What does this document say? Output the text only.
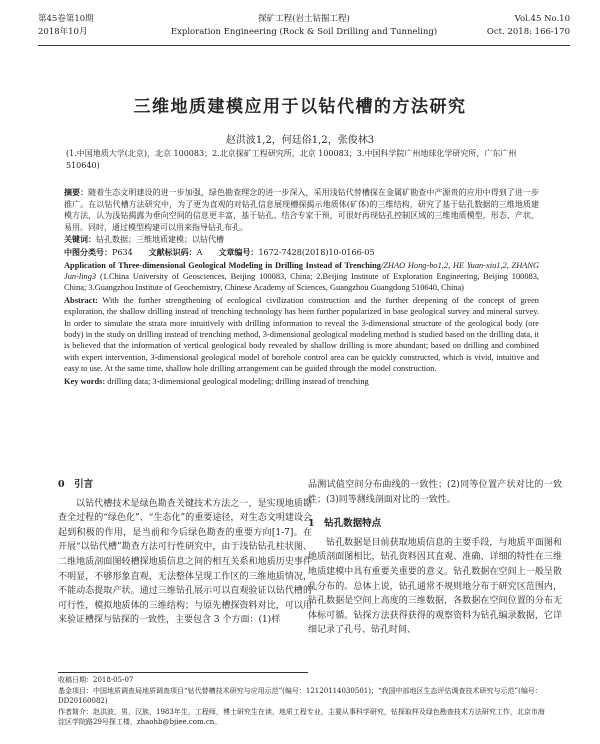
第45卷第10期
2018年10月
探矿工程(岩土钻掘工程)
Exploration Engineering (Rock & Soil Drilling and Tunneling)
Vol.45 No.10
Oct. 2018: 166-170
三维地质建模应用于以钻代槽的方法研究
赵洪波1,2，何廷俗1,2，张俊林3
(1.中国地质大学(北京)，北京 100083；2.北京探矿工程研究所，北京 100083；3.中国科学院广州地球化学研究所，广东广州 510640)

摘要：随着生态文明建设的进一步加强，绿色勘查理念的进一步深入，采用浅钻代替槽探在金属矿勘查中产源贵的应用中得到了进一步推广。在以钻代槽方法研究中，为了更为直观的对钻孔信息展现槽探揭示地质体(矿体)的三维结构，研究了基于钻孔数据的三维地质建模方法，认为浅钻揭露为垂向空间的信息更丰富，基于钻孔、结合专家干预，可很好再现钻孔控制区域的三维地质模型，形态、产状、易用。同时，通过模型构建可以用来指导钻孔布孔。

关键词：钻孔数据；三维地质建模；以钻代槽

中图分类号：P634   文献标识码：A   文章编号：1672-7428(2018)10-0166-05

Application of Three-dimensional Geological Modeling in Drilling Instead of Trenching/ZHAO Hong-bo1,2, HE Yuan-xiu1,2, ZHANG Jun-ling3 (1.China University of Geosciences, Beijing 100083, China; 2.Beijing Institute of Exploration Engineering, Beijing 100083, China; 3.Guangzhou Institute of Geochemistry, Chinese Academy of Sciences, Guangzhou Guangdong 510640, China)

Abstract: With the further strengthening of ecological civilization construction and the further deepening of the concept of green exploration, the shallow drilling instead of trenching technology has been further popularized in base geological survey and mineral survey. In order to simulate the strata more intuitively with drilling information to reveal the 3-dimensional structure of the geological body (ore body) in the study on drilling instead of trenching method, 3-dimensional geological modeling method is studied based on the drilling data, it is believed that the information of vertical geological body revealed by shallow drilling is more abundant; based on drilling and combined with expert intervention, 3-dimensional geological model of borehole control area can be quickly constructed, which is vivid, intuitive and easy to use. At the same time, shallow hole drilling arrangement can be guided through the model construction.

Key words: drilling data; 3-dimensional geological modeling; drilling instead of trenching

0　引言

以钻代槽技术是绿色勘查关键技术方法之一，是实现地质勘查全过程的“绿色化”、“生态化”的重要途径，对生态文明建设会起到积极的作用，是当前和今后绿色勘查的重要方向[1-7]。在开展“以钻代槽”勘查方法可行性研究中，由于浅钻钻孔柱状图、二维地质剖面图较槽探地质信息之间的相互关系和地质历史事件不明显，不够形象直观，无法整体呈现工作区的三维地质情况，不能动态提取产状。通过三维钻孔展示可以直观验证以钻代槽的可行性，模拟地质体的三维结构；与原先槽探资料对比，可以用来验证槽探与钻探的一致性，主要包含 3 个方面：(1)样

品测试值空间分布曲线的一致性；(2)同等位置产状对比的一致性；(3)同等测线剖面对比的一致性。

1　钻孔数据特点

钻孔数据是目前获取地质信息的主要手段，与地质平面图和地质剖面图相比，钻孔资料因其直观、准确、详细的特性在三维地质建模中具有重要关重要的意义。钻孔数据在空间上一般呈散乱分布的。总体上说，钻孔通常不规则地分布于研究区范围内，钻孔数据是空间上高度的三维数据，各数据在空间位置的分布无体标可循。钻探方法获得获得的观察资料为钻孔编录数据，它详细记录了孔号、钻孔时间、

收稿日期：2018-05-07
基金项目：中国地质调查局地质调查项目“钻代替槽技术研究与应用示范”(编号：12120114030501)；“我国中部地区生态评估调查技术研究与示范”(编号：DD20160082)
作者简介：赵洪波，男，汉族，1983年生，工程师，博士研究生在读，地质工程专业，主要从事科学研究，钻探取样及绿色勘查技术方法研究工作，北京市海淀区学院路29号探工楼，zhaohb@bjiee.com.cn。
